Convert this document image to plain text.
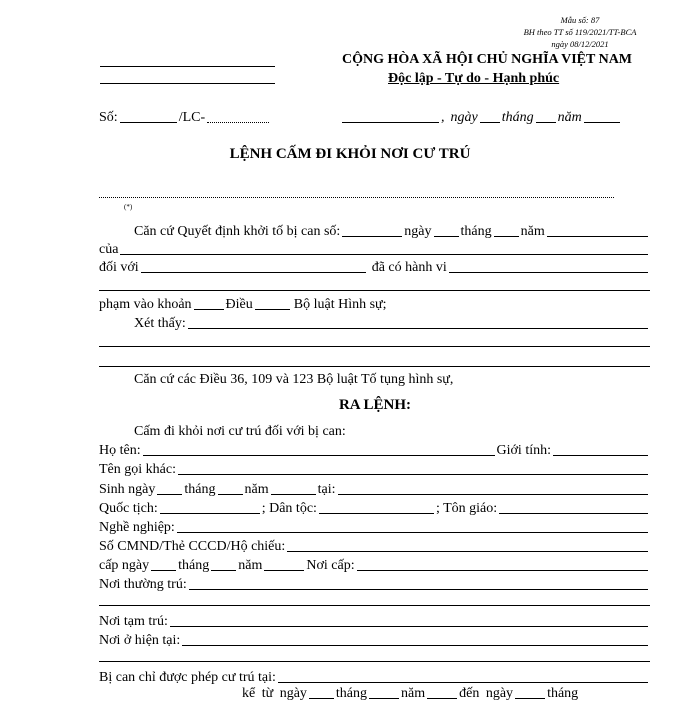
Mẫu số: 87
BH theo TT số 119/2021/TT-BCA
ngày 08/12/2021
CỘNG HÒA XÃ HỘI CHỦ NGHĨA VIỆT NAM
Độc lập - Tự do - Hạnh phúc
Số:	/LC-	, ngày tháng năm
LỆNH CẤM ĐI KHỎI NƠI CƯ TRÚ
(*)
Căn cứ Quyết định khởi tố bị can số:	ngày tháng năm
của
đối với	đã có hành vi
phạm vào khoản Điều	Bộ luật Hình sự;
Xét thấy:
Căn cứ các Điều 36, 109 và 123 Bộ luật Tố tụng hình sự,
RA LỆNH:
Cấm đi khỏi nơi cư trú đối với bị can:
Họ tên:	Giới tính:
Tên gọi khác:
Sinh ngày tháng năm	tại:
Quốc tịch:	; Dân tộc:	; Tôn giáo:
Nghề nghiệp:
Số CMND/Thẻ CCCD/Hộ chiếu:
cấp ngày tháng năm	Nơi cấp:
Nơi thường trú:
Nơi tạm trú:
Nơi ở hiện tại:
Bị can chỉ được phép cư trú tại:
kể từ ngày tháng năm đến ngày tháng
